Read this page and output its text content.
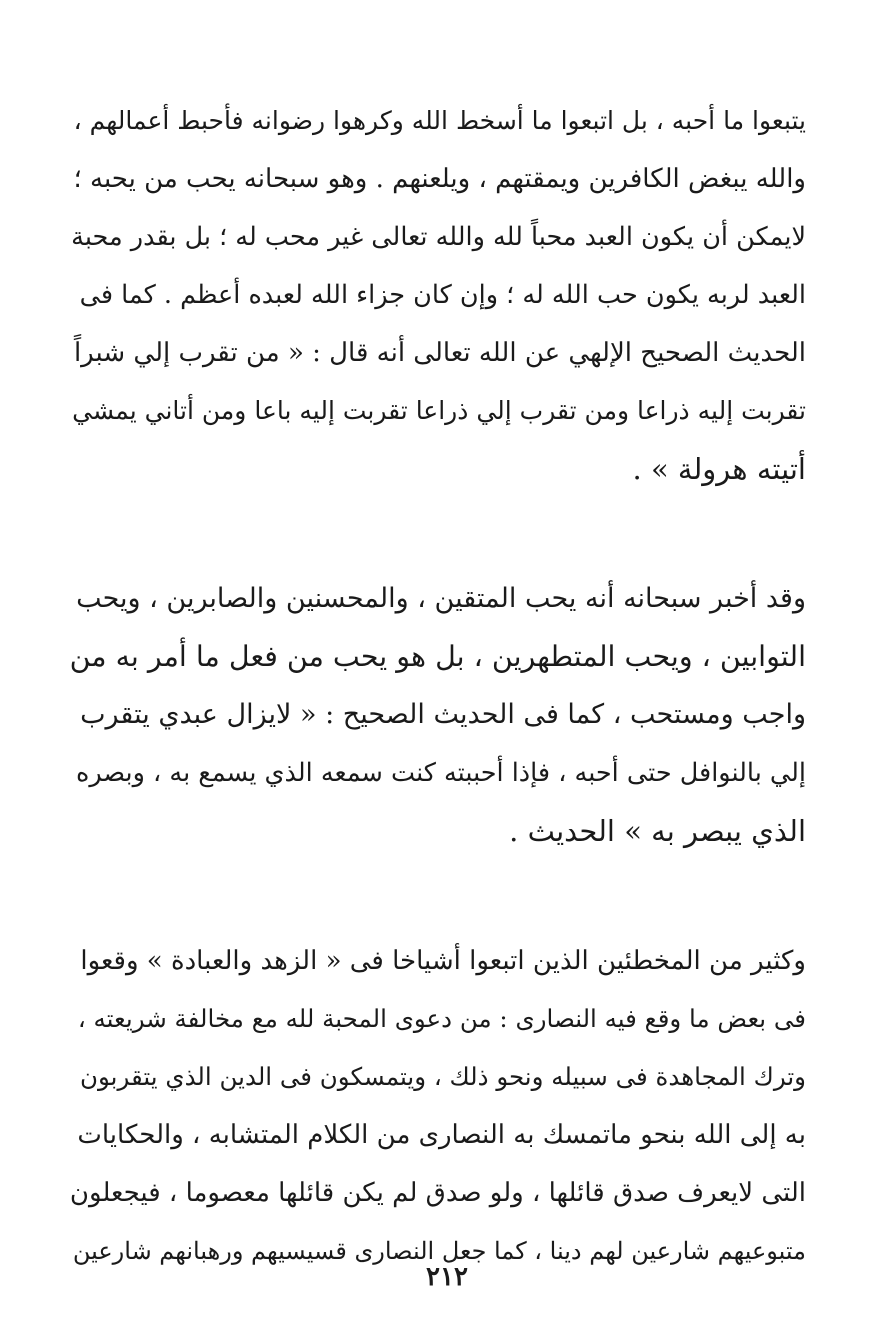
يتبعوا ما أحبه ، بل اتبعوا ما أسخط الله وكرهوا رضوانه فأحبط أعمالهم ،
والله يبغض الكافرين ويمقتهم ، ويلعنهم . وهو سبحانه يحب من يحبه ؛
لايمكن أن يكون العبد محباً لله والله تعالى غير محب له ؛ بل بقدر محبة
العبد لربه يكون حب الله له ؛ وإن كان جزاء الله لعبده أعظم . كما فى
الحديث الصحيح الإلهي عن الله تعالى أنه قال : « من تقرب إلي شبراً
تقربت إليه ذراعا ومن تقرب إلي ذراعا تقربت إليه باعا ومن أتاني يمشي
أتيته هرولة » .
وقد أخبر سبحانه أنه يحب المتقين ، والمحسنين والصابرين ، ويحب
التوابين ، ويحب المتطهرين ، بل هو يحب من فعل ما أمر به من
واجب ومستحب ، كما فى الحديث الصحيح : « لايزال عبدي يتقرب
إلي بالنوافل حتى أحبه ، فإذا أحببته كنت سمعه الذي يسمع به ، وبصره
الذي يبصر به » الحديث .
وكثير من المخطئين الذين اتبعوا أشياخا فى « الزهد والعبادة » وقعوا
فى بعض ما وقع فيه النصارى : من دعوى المحبة لله مع مخالفة شريعته ،
وترك المجاهدة فى سبيله ونحو ذلك ، ويتمسكون فى الدين الذي يتقربون
به إلى الله بنحو ماتمسك به النصارى من الكلام المتشابه ، والحكايات
التى لايعرف صدق قائلها ، ولو صدق لم يكن قائلها معصوما ، فيجعلون
متبوعيهم شارعين لهم دينا ، كما جعل النصارى قسيسيهم ورهبانهم شارعين
٢١٢
